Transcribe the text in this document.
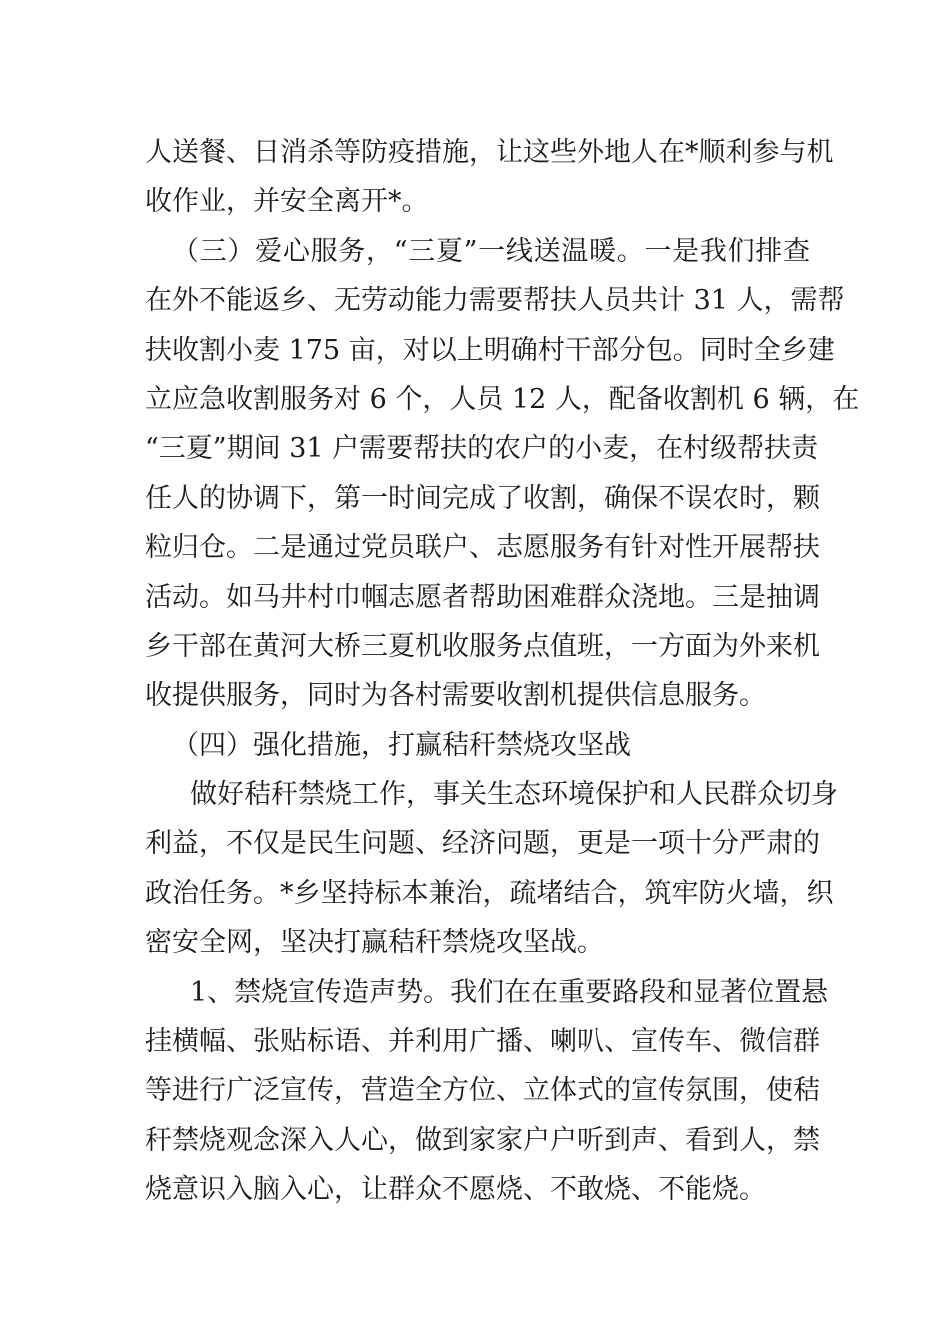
人送餐、日消杀等防疫措施，让这些外地人在*顺利参与机
收作业，并安全离开*。
（三）爱心服务，“三夏”一线送温暖。一是我们排查
在外不能返乡、无劳动能力需要帮扶人员共计 31 人，需帮
扶收割小麦 175 亩，对以上明确村干部分包。同时全乡建
立应急收割服务对 6 个，人员 12 人，配备收割机 6 辆，在
“三夏”期间 31 户需要帮扶的农户的小麦，在村级帮扶责
任人的协调下，第一时间完成了收割，确保不误农时，颗
粒归仓。二是通过党员联户、志愿服务有针对性开展帮扶
活动。如马井村巾帼志愿者帮助困难群众浇地。三是抽调
乡干部在黄河大桥三夏机收服务点值班，一方面为外来机
收提供服务，同时为各村需要收割机提供信息服务。
（四）强化措施，打赢秸秆禁烧攻坚战
做好秸秆禁烧工作，事关生态环境保护和人民群众切身
利益，不仅是民生问题、经济问题，更是一项十分严肃的
政治任务。*乡坚持标本兼治，疏堵结合，筑牢防火墙，织
密安全网，坚决打赢秸秆禁烧攻坚战。
1、禁烧宣传造声势。我们在在重要路段和显著位置悬
挂横幅、张贴标语、并利用广播、喇叭、宣传车、微信群
等进行广泛宣传，营造全方位、立体式的宣传氛围，使秸
秆禁烧观念深入人心，做到家家户户听到声、看到人，禁
烧意识入脑入心，让群众不愿烧、不敢烧、不能烧。
